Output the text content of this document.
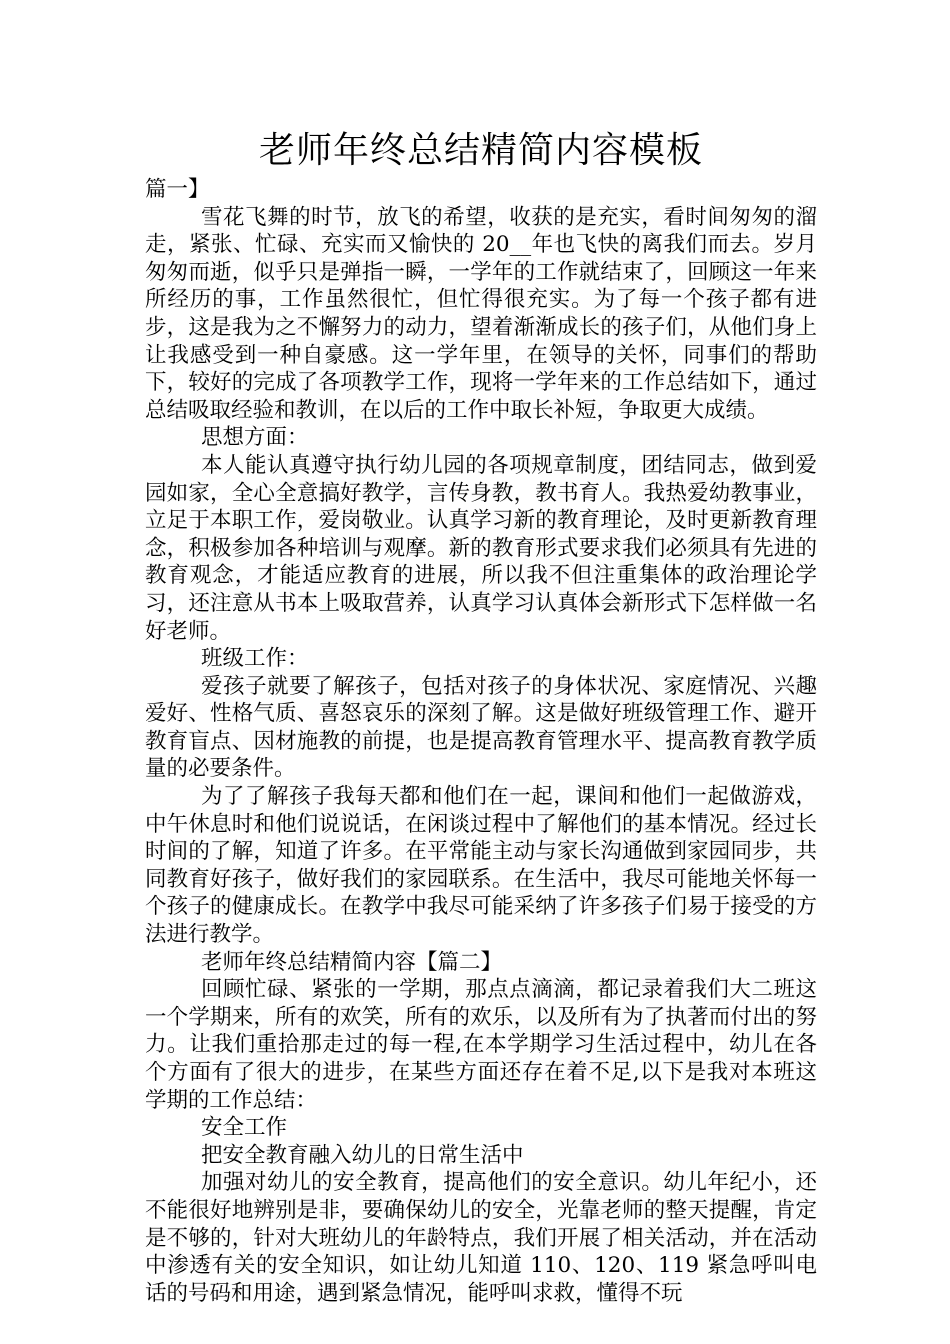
老师年终总结精简内容模板

篇一】

雪花飞舞的时节，放飞的希望，收获的是充实，看时间匆匆的溜走，紧张、忙碌、充实而又愉快的 20__年也飞快的离我们而去。岁月匆匆而逝，似乎只是弹指一瞬，一学年的工作就结束了，回顾这一年来所经历的事，工作虽然很忙，但忙得很充实。为了每一个孩子都有进步，这是我为之不懈努力的动力，望着渐渐成长的孩子们，从他们身上让我感受到一种自豪感。这一学年里，在领导的关怀，同事们的帮助下，较好的完成了各项教学工作，现将一学年来的工作总结如下，通过总结吸取经验和教训，在以后的工作中取长补短，争取更大成绩。

思想方面：

本人能认真遵守执行幼儿园的各项规章制度，团结同志，做到爱园如家，全心全意搞好教学，言传身教，教书育人。我热爱幼教事业，立足于本职工作，爱岗敬业。认真学习新的教育理论，及时更新教育理念，积极参加各种培训与观摩。新的教育形式要求我们必须具有先进的教育观念，才能适应教育的进展，所以我不但注重集体的政治理论学习，还注意从书本上吸取营养，认真学习认真体会新形式下怎样做一名好老师。

班级工作：

爱孩子就要了解孩子，包括对孩子的身体状况、家庭情况、兴趣爱好、性格气质、喜怒哀乐的深刻了解。这是做好班级管理工作、避开教育盲点、因材施教的前提，也是提高教育管理水平、提高教育教学质量的必要条件。

为了了解孩子我每天都和他们在一起，课间和他们一起做游戏，中午休息时和他们说说话，在闲谈过程中了解他们的基本情况。经过长时间的了解，知道了许多。在平常能主动与家长沟通做到家园同步，共同教育好孩子，做好我们的家园联系。在生活中，我尽可能地关怀每一个孩子的健康成长。在教学中我尽可能采纳了许多孩子们易于接受的方法进行教学。

老师年终总结精简内容【篇二】

回顾忙碌、紧张的一学期，那点点滴滴，都记录着我们大二班这一个学期来，所有的欢笑，所有的欢乐，以及所有为了执著而付出的努力。让我们重拾那走过的每一程,在本学期学习生活过程中，幼儿在各个方面有了很大的进步，在某些方面还存在着不足,以下是我对本班这学期的工作总结：

安全工作

把安全教育融入幼儿的日常生活中

加强对幼儿的安全教育，提高他们的安全意识。幼儿年纪小，还不能很好地辨别是非，要确保幼儿的安全，光靠老师的整天提醒，肯定是不够的，针对大班幼儿的年龄特点，我们开展了相关活动，并在活动中渗透有关的安全知识，如让幼儿知道 110、120、119 紧急呼叫电话的号码和用途，遇到紧急情况，能呼叫求救，懂得不玩
